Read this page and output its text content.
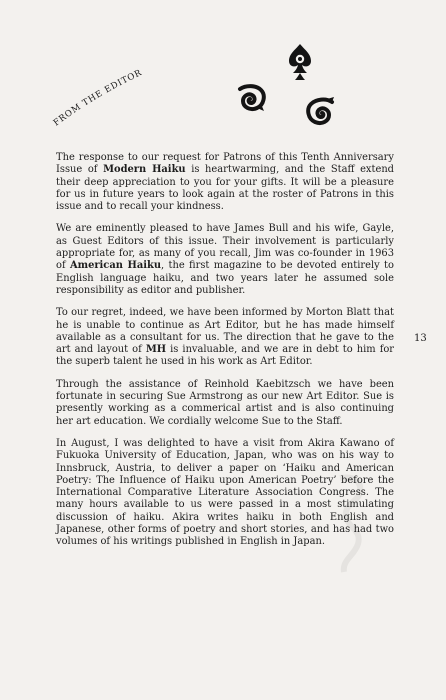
FROM THE EDITOR

The response to our request for Patrons of this Tenth Anniversary Issue of Modern Haiku is heartwarming, and the Staff extend their deep appreciation to you for your gifts. It will be a pleasure for us in future years to look again at the roster of Patrons in this issue and to recall your kindness.

We are eminently pleased to have James Bull and his wife, Gayle, as Guest Editors of this issue. Their involvement is particularly appropriate for, as many of you recall, Jim was co-founder in 1963 of American Haiku, the first magazine to be devoted entirely to English language haiku, and two years later he assumed sole responsibility as editor and publisher.

To our regret, indeed, we have been informed by Morton Blatt that he is unable to continue as Art Editor, but he has made himself available as a consultant for us. The direction that he gave to the art and layout of MH is invaluable, and we are in debt to him for the superb talent he used in his work as Art Editor.

Through the assistance of Reinhold Kaebitzsch we have been fortunate in securing Sue Armstrong as our new Art Editor. Sue is presently working as a commerical artist and is also continuing her art education. We cordially welcome Sue to the Staff.

In August, I was delighted to have a visit from Akira Kawano of Fukuoka University of Education, Japan, who was on his way to Innsbruck, Austria, to deliver a paper on ‘Haiku and American Poetry: The Influence of Haiku upon American Poetry’ before the International Comparative Literature Association Congress. The many hours available to us were passed in a most stimulating discussion of haiku. Akira writes haiku in both English and Japanese, other forms of poetry and short stories, and has had two volumes of his writings published in English in Japan.

13
